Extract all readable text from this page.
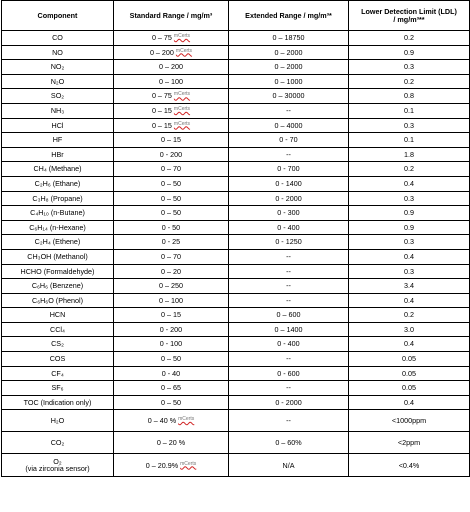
Component	Standard Range / mg/m³	Extended Range / mg/m³*	Lower Detection Limit (LDL)
/ mg/m³**

CO	0 – 75 $^{mCerts}$	0 – 18750	0.2
NO	0 – 200 $^{mCerts}$	0 – 2000	0.9
NO₂	0 – 200	0 – 2000	0.3
N₂O	0 – 100	0 – 1000	0.2
SO₂	0 – 75 $^{mCerts}$	0 – 30000	0.8
NH₃	0 – 15 $^{mCerts}$	--	0.1
HCl	0 – 15 $^{mCerts}$	0 – 4000	0.3
HF	0 – 15	0 - 70	0.1
HBr	0 - 200	--	1.8
CH₄ (Methane)	0 – 70	0 - 700	0.2
C₂H₆ (Ethane)	0 – 50	0 - 1400	0.4
C₃H₈ (Propane)	0 – 50	0 - 2000	0.3
C₄H₁₀ (n-Butane)	0 – 50	0 - 300	0.9
C₆H₁₄ (n-Hexane)	0 - 50	0 - 400	0.9
C₂H₄ (Ethene)	0 - 25	0 - 1250	0.3
CH₃OH (Methanol)	0 – 70	--	0.4
HCHO (Formaldehyde)	0 – 20	--	0.3
C₆H₆ (Benzene)	0 – 250	--	3.4
C₆H₆O (Phenol)	0 – 100	--	0.4
HCN	0 – 15	0 – 600	0.2
CCl₄	0 - 200	0 – 1400	3.0
CS₂	0 - 100	0 - 400	0.4
COS	0 – 50	--	0.05
CF₄	0 - 40	0 - 600	0.05
SF₆	0 – 65	--	0.05
TOC (Indication only)	0 – 50	0 - 2000	0.4
H₂O	0 – 40 % $^{mCerts}$	--	<1000ppm
CO₂	0 – 20 %	0 – 60%	<2ppm

O₂
(via zirconia sensor)	0 – 20.9% $^{mCerts}$	N/A	<0.4%
